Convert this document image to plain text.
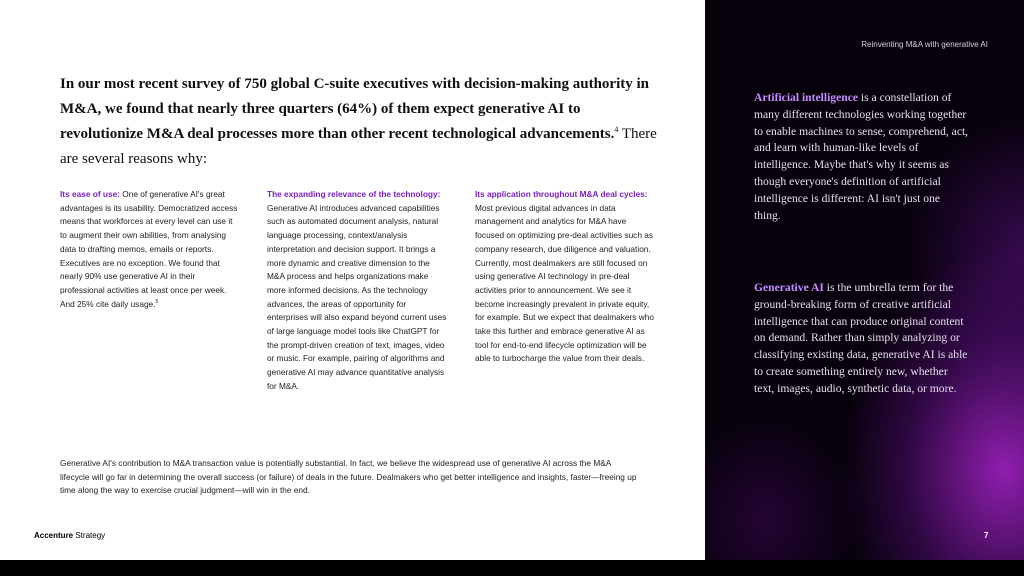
Reinventing M&A with generative AI
In our most recent survey of 750 global C-suite executives with decision-making authority in M&A, we found that nearly three quarters (64%) of them expect generative AI to revolutionize M&A deal processes more than other recent technological advancements.$^4$ There are several reasons why:
Its ease of use: One of generative AI's great advantages is its usability. Democratized access means that workforces at every level can use it to augment their own abilities, from analysing data to drafting memos, emails or reports. Executives are no exception. We found that nearly 90% use generative AI in their professional activities at least once per week. And 25% cite daily usage.$^5$
The expanding relevance of the technology: Generative AI introduces advanced capabilities such as automated document analysis, natural language processing, context/analysis interpretation and decision support. It brings a more dynamic and creative dimension to the M&A process and helps organizations make more informed decisions. As the technology advances, the areas of opportunity for enterprises will also expand beyond current uses of large language model tools like ChatGPT for the prompt-driven creation of text, images, video or music. For example, pairing of algorithms and generative AI may advance quantitative analysis for M&A.
Its application throughout M&A deal cycles: Most previous digital advances in data management and analytics for M&A have focused on optimizing pre-deal activities such as company research, due diligence and valuation. Currently, most dealmakers are still focused on using generative AI technology in pre-deal activities prior to announcement. We see it become increasingly prevalent in private equity, for example. But we expect that dealmakers who take this further and embrace generative AI as tool for end-to-end lifecycle optimization will be able to turbocharge the value from their deals.
Generative AI's contribution to M&A transaction value is potentially substantial. In fact, we believe the widespread use of generative AI across the M&A lifecycle will go far in determining the overall success (or failure) of deals in the future. Dealmakers who get better intelligence and insights, faster—freeing up time along the way to exercise crucial judgment—will win in the end.
Accenture Strategy
Artificial intelligence is a constellation of many different technologies working together to enable machines to sense, comprehend, act, and learn with human-like levels of intelligence. Maybe that's why it seems as though everyone's definition of artificial intelligence is different: AI isn't just one thing.
Generative AI is the umbrella term for the ground-breaking form of creative artificial intelligence that can produce original content on demand. Rather than simply analyzing or classifying existing data, generative AI is able to create something entirely new, whether text, images, audio, synthetic data, or more.
7
